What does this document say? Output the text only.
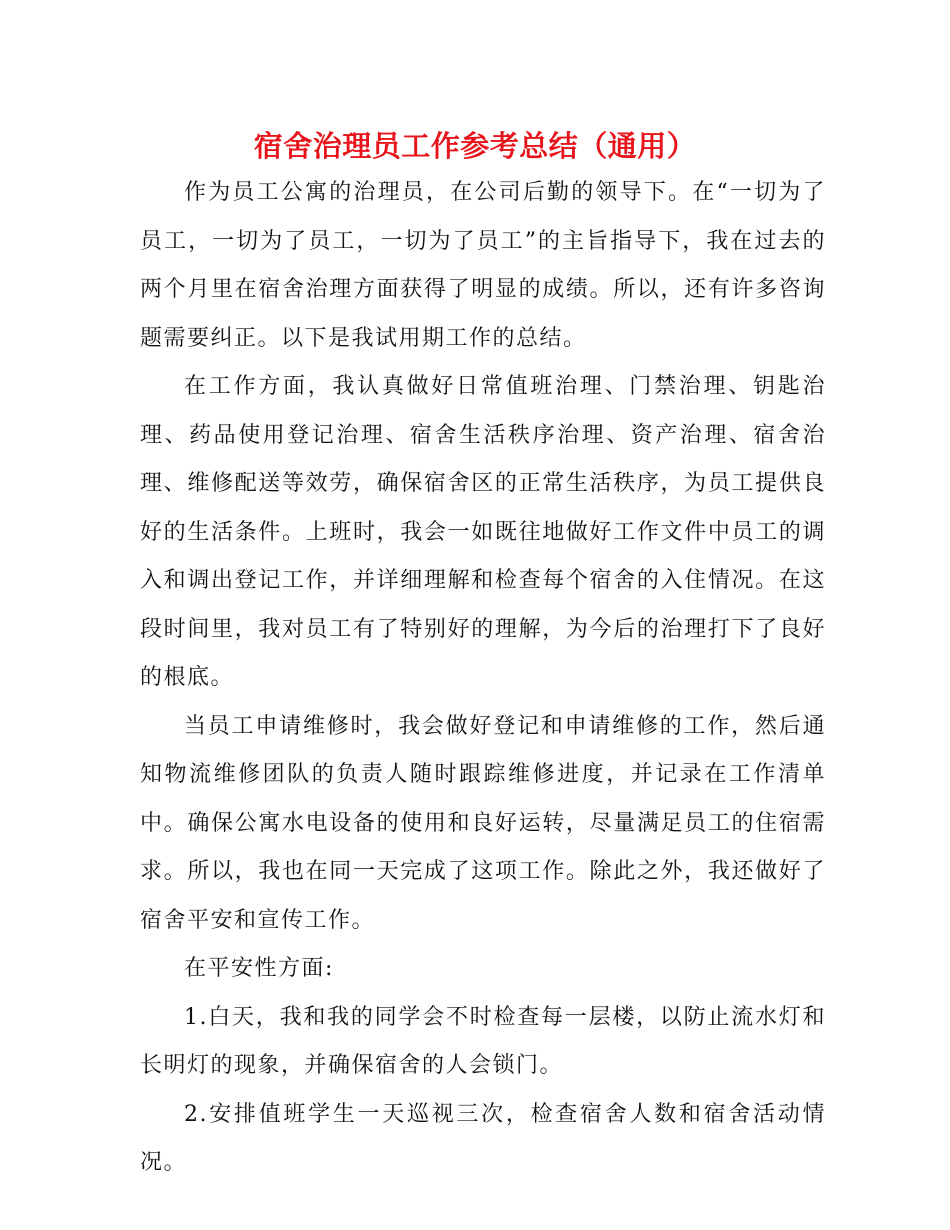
宿舍治理员工作参考总结（通用）

作为员工公寓的治理员，在公司后勤的领导下。在“一切为了员工，一切为了员工，一切为了员工”的主旨指导下，我在过去的两个月里在宿舍治理方面获得了明显的成绩。所以，还有许多咨询题需要纠正。以下是我试用期工作的总结。

在工作方面，我认真做好日常值班治理、门禁治理、钥匙治理、药品使用登记治理、宿舍生活秩序治理、资产治理、宿舍治理、维修配送等效劳，确保宿舍区的正常生活秩序，为员工提供良好的生活条件。上班时，我会一如既往地做好工作文件中员工的调入和调出登记工作，并详细理解和检查每个宿舍的入住情况。在这段时间里，我对员工有了特别好的理解，为今后的治理打下了良好的根底。

当员工申请维修时，我会做好登记和申请维修的工作，然后通知物流维修团队的负责人随时跟踪维修进度，并记录在工作清单中。确保公寓水电设备的使用和良好运转，尽量满足员工的住宿需求。所以，我也在同一天完成了这项工作。除此之外，我还做好了宿舍平安和宣传工作。

在平安性方面:

1.白天，我和我的同学会不时检查每一层楼，以防止流水灯和长明灯的现象，并确保宿舍的人会锁门。

2.安排值班学生一天巡视三次，检查宿舍人数和宿舍活动情况。
